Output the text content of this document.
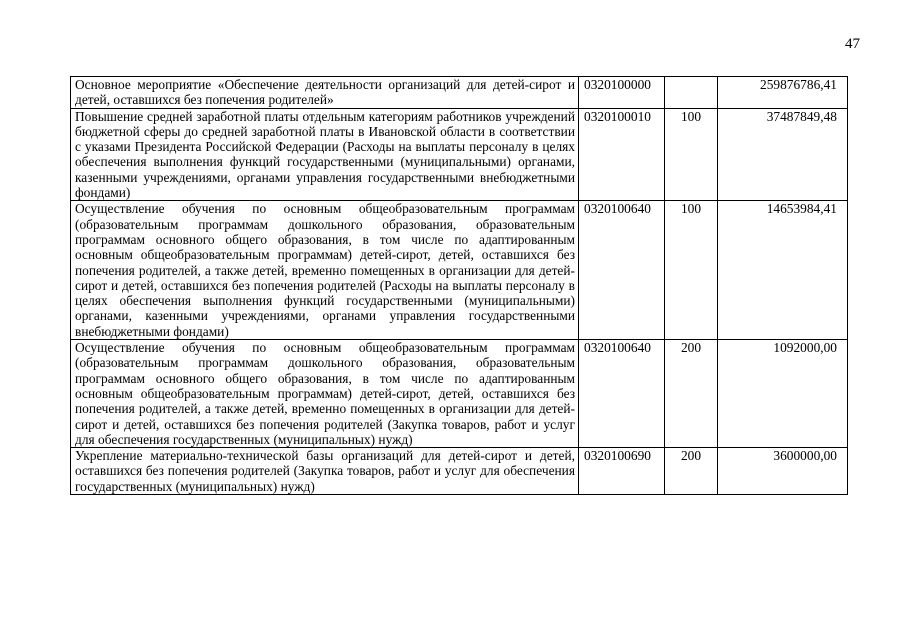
47
Основное мероприятие «Обеспечение деятельности организаций для детей-сирот и детей, оставшихся без попечения родителей»	0320100000		259876786,41
Повышение средней заработной платы отдельным категориям работников учреждений бюджетной сферы до средней заработной платы в Ивановской области в соответствии с указами Президента Российской Федерации (Расходы на выплаты персоналу в целях обеспечения выполнения функций государственными (муниципальными) органами, казенными учреждениями, органами управления государственными внебюджетными фондами)	0320100010	100	37487849,48
Осуществление обучения по основным общеобразовательным программам (образовательным программам дошкольного образования, образовательным программам основного общего образования, в том числе по адаптированным основным общеобразовательным программам) детей-сирот, детей, оставшихся без попечения родителей, а также детей, временно помещенных в организации для детей-сирот и детей, оставшихся без попечения родителей (Расходы на выплаты персоналу в целях обеспечения выполнения функций государственными (муниципальными) органами, казенными учреждениями, органами управления государственными внебюджетными фондами)	0320100640	100	14653984,41
Осуществление обучения по основным общеобразовательным программам (образовательным программам дошкольного образования, образовательным программам основного общего образования, в том числе по адаптированным основным общеобразовательным программам) детей-сирот, детей, оставшихся без попечения родителей, а также детей, временно помещенных в организации для детей-сирот и детей, оставшихся без попечения родителей (Закупка товаров, работ и услуг для обеспечения государственных (муниципальных) нужд)	0320100640	200	1092000,00
Укрепление материально-технической базы организаций для детей-сирот и детей, оставшихся без попечения родителей (Закупка товаров, работ и услуг для обеспечения государственных (муниципальных) нужд)	0320100690	200	3600000,00
